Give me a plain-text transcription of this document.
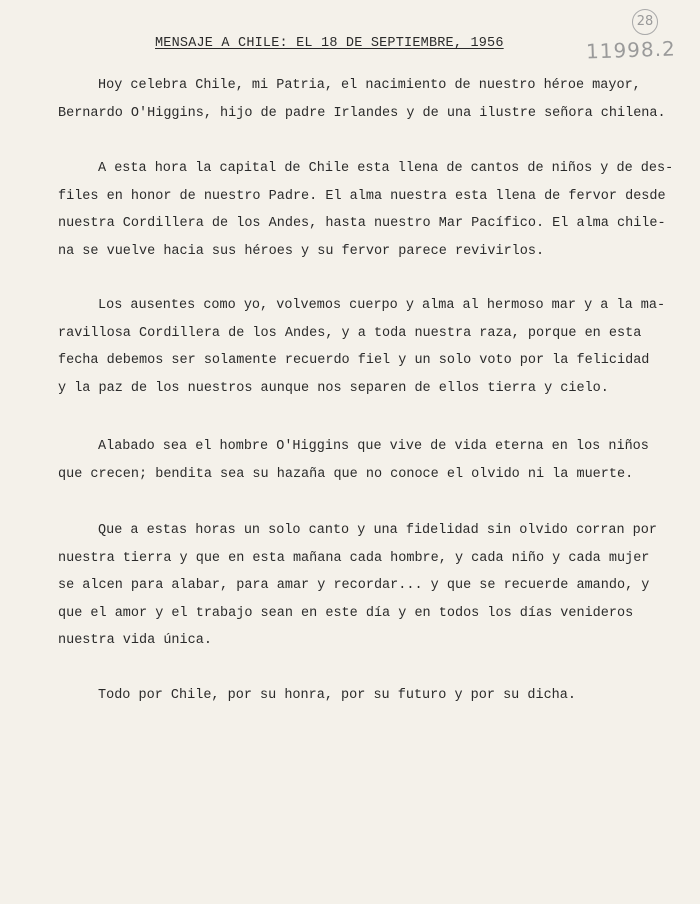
28
MENSAJE A CHILE: EL 18 DE SEPTIEMBRE, 1956	11998.2
Hoy celebra Chile, mi Patria, el nacimiento de nuestro héroe mayor,
Bernardo O'Higgins, hijo de padre Irlandes y de una ilustre señora chilena.
A esta hora la capital de Chile esta llena de cantos de niños y de des-
files en honor de nuestro Padre. El alma nuestra esta llena de fervor desde
nuestra Cordillera de los Andes, hasta nuestro Mar Pacífico. El alma chile-
na se vuelve hacia sus héroes y su fervor parece revivirlos.
Los ausentes como yo, volvemos cuerpo y alma al hermoso mar y a la ma-
ravillosa Cordillera de los Andes, y a toda nuestra raza, porque en esta
fecha debemos ser solamente recuerdo fiel y un solo voto por la felicidad
y la paz de los nuestros aunque nos separen de ellos tierra y cielo.
Alabado sea el hombre O'Higgins que vive de vida eterna en los niños
que crecen; bendita sea su hazaña que no conoce el olvido ni la muerte.
Que a estas horas un solo canto y una fidelidad sin olvido corran por
nuestra tierra y que en esta mañana cada hombre, y cada niño y cada mujer
se alcen para alabar, para amar y recordar... y que se recuerde amando, y
que el amor y el trabajo sean en este día y en todos los días venideros
nuestra vida única.
Todo por Chile, por su honra, por su futuro y por su dicha.
